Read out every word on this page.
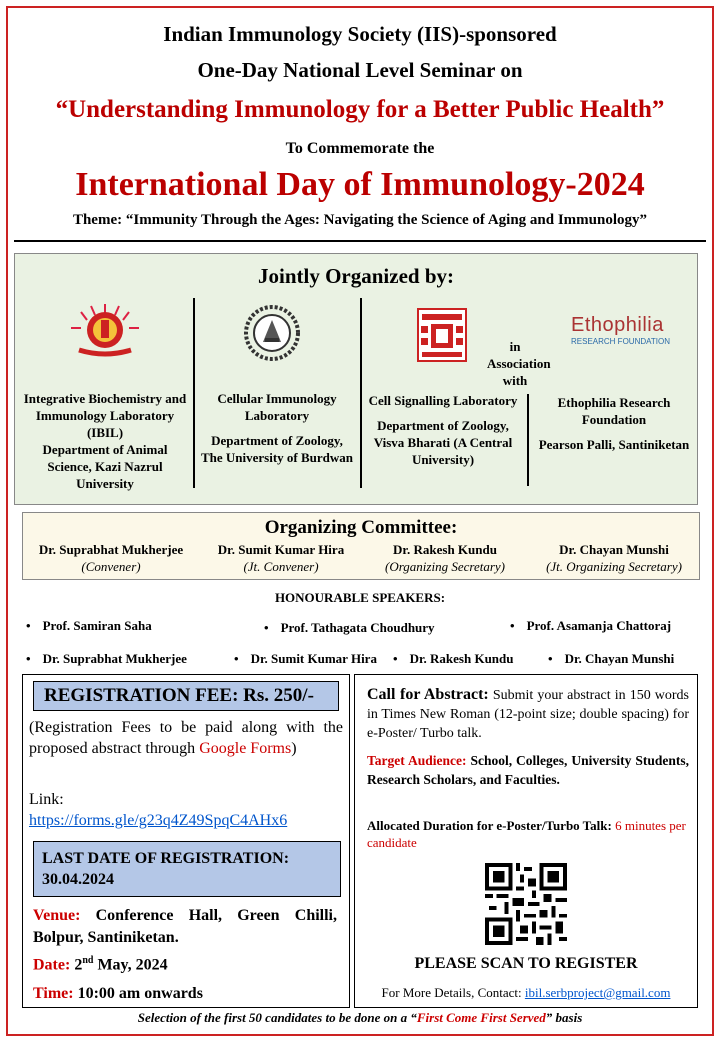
Indian Immunology Society (IIS)-sponsored
One-Day National Level Seminar on
“Understanding Immunology for a Better Public Health”
To Commemorate the
International Day of Immunology-2024
Theme: “Immunity Through the Ages: Navigating the Science of Aging and Immunology”
Jointly Organized by:
Ethophilia
RESEARCH FOUNDATION
in Association with
Integrative Biochemistry and Immunology Laboratory (IBIL)
Department of Animal Science, Kazi Nazrul University
Cellular Immunology Laboratory
Department of Zoology, The University of Burdwan
Cell Signalling Laboratory
Department of Zoology, Visva Bharati (A Central University)
Ethophilia Research Foundation
Pearson Palli, Santiniketan
Organizing Committee:
Dr. Suprabhat Mukherjee
(Convener)
Dr. Sumit Kumar Hira
(Jt. Convener)
Dr. Rakesh Kundu
(Organizing Secretary)
Dr. Chayan Munshi
(Jt. Organizing Secretary)
HONOURABLE SPEAKERS:
• Prof. Samiran Saha	• Prof. Tathagata Choudhury	• Prof. Asamanja Chattoraj
• Dr. Suprabhat Mukherjee	• Dr. Sumit Kumar Hira	• Dr. Rakesh Kundu	• Dr. Chayan Munshi
REGISTRATION FEE: Rs. 250/-
(Registration Fees to be paid along with the proposed abstract through Google Forms)
Link:
https://forms.gle/g23q4Z49SpqC4AHx6
LAST DATE OF REGISTRATION:
30.04.2024
Venue: Conference Hall, Green Chilli, Bolpur, Santiniketan.
Date: 2nd May, 2024
Time: 10:00 am onwards
Call for Abstract: Submit your abstract in 150 words in Times New Roman (12-point size; double spacing) for e-Poster/ Turbo talk.
Target Audience: School, Colleges, University Students, Research Scholars, and Faculties.
Allocated Duration for e-Poster/Turbo Talk: 6 minutes per candidate
PLEASE SCAN TO REGISTER
For More Details, Contact: ibil.serbproject@gmail.com
Selection of the first 50 candidates to be done on a “First Come First Served” basis
